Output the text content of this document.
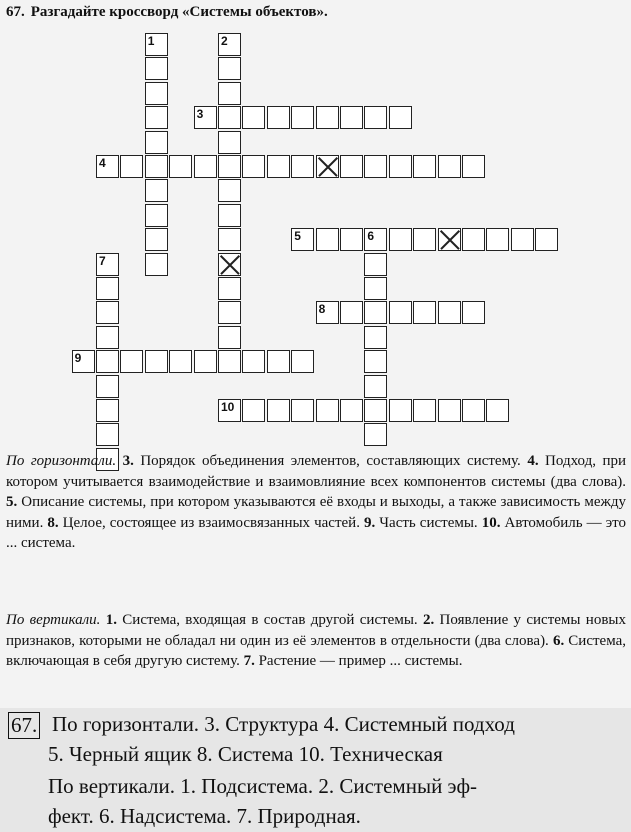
67. Разгадайте кроссворд «Системы объектов».
1	2
3
4
5	6
7
8
9
10
По горизонтали. 3. Порядок объединения элементов, составляющих систему. 4. Подход, при котором учитывается взаимодействие и взаимовлияние всех компонентов системы (два слова). 5. Описание системы, при котором указываются её входы и выходы, а также зависимость между ними. 8. Целое, состоящее из взаимосвязанных частей. 9. Часть системы. 10. Автомобиль — это ... система.
По вертикали. 1. Система, входящая в состав другой системы. 2. Появление у системы новых признаков, которыми не обладал ни один из её элементов в отдельности (два слова). 6. Система, включающая в себя другую систему. 7. Растение — пример ... системы.
67. По горизонтали. 3. Структура 4. Системный подход
5. Черный ящик 8. Система 10. Техническая
По вертикали. 1. Подсистема. 2. Системный эф-
фект. 6. Надсистема. 7. Природная.
